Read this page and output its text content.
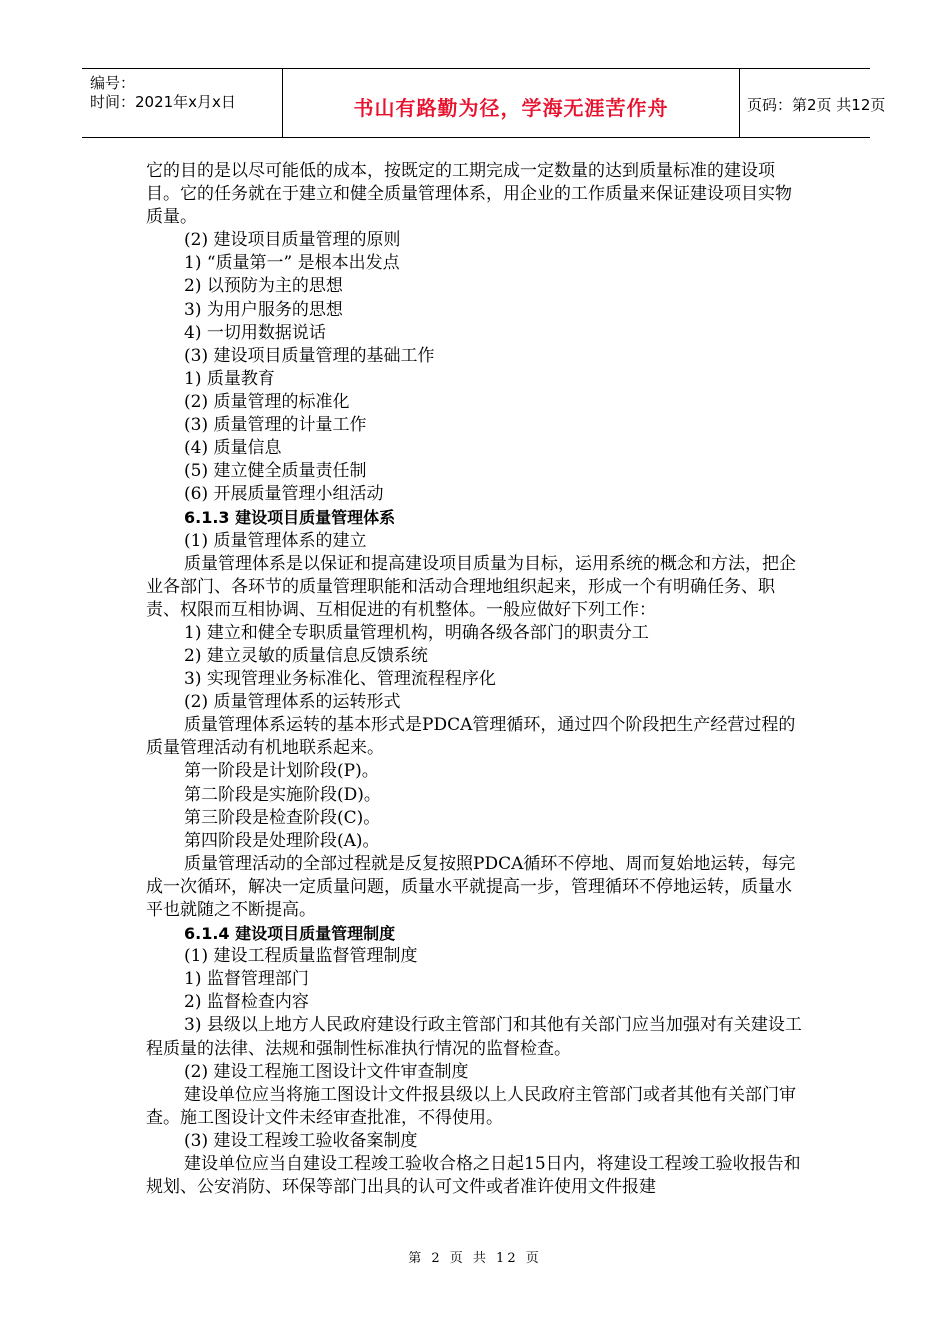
编号：
时间：2021年x月x日	书山有路勤为径，学海无涯苦作舟	页码：第2页 共12页

它的目的是以尽可能低的成本，按既定的工期完成一定数量的达到质量标准的建设项目。它的任务就在于建立和健全质量管理体系，用企业的工作质量来保证建设项目实物质量。

(2) 建设项目质量管理的原则

1) “质量第一” 是根本出发点

2) 以预防为主的思想

3) 为用户服务的思想

4) 一切用数据说话

(3) 建设项目质量管理的基础工作

1) 质量教育

(2) 质量管理的标准化

(3) 质量管理的计量工作

(4) 质量信息

(5) 建立健全质量责任制

(6) 开展质量管理小组活动

6.1.3 建设项目质量管理体系

(1) 质量管理体系的建立

质量管理体系是以保证和提高建设项目质量为目标，运用系统的概念和方法，把企业各部门、各环节的质量管理职能和活动合理地组织起来，形成一个有明确任务、职责、权限而互相协调、互相促进的有机整体。一般应做好下列工作：

1) 建立和健全专职质量管理机构，明确各级各部门的职责分工

2) 建立灵敏的质量信息反馈系统

3) 实现管理业务标准化、管理流程程序化

(2) 质量管理体系的运转形式

质量管理体系运转的基本形式是PDCA管理循环，通过四个阶段把生产经营过程的质量管理活动有机地联系起来。

第一阶段是计划阶段(P)。

第二阶段是实施阶段(D)。

第三阶段是检查阶段(C)。

第四阶段是处理阶段(A)。

质量管理活动的全部过程就是反复按照PDCA循环不停地、周而复始地运转，每完成一次循环，解决一定质量问题，质量水平就提高一步，管理循环不停地运转，质量水平也就随之不断提高。

6.1.4 建设项目质量管理制度

(1) 建设工程质量监督管理制度

1) 监督管理部门

2) 监督检查内容

3) 县级以上地方人民政府建设行政主管部门和其他有关部门应当加强对有关建设工程质量的法律、法规和强制性标准执行情况的监督检查。

(2) 建设工程施工图设计文件审查制度

建设单位应当将施工图设计文件报县级以上人民政府主管部门或者其他有关部门审查。施工图设计文件未经审查批准，不得使用。

(3) 建设工程竣工验收备案制度

建设单位应当自建设工程竣工验收合格之日起15日内，将建设工程竣工验收报告和规划、公安消防、环保等部门出具的认可文件或者准许使用文件报建

第 2 页 共 12 页
